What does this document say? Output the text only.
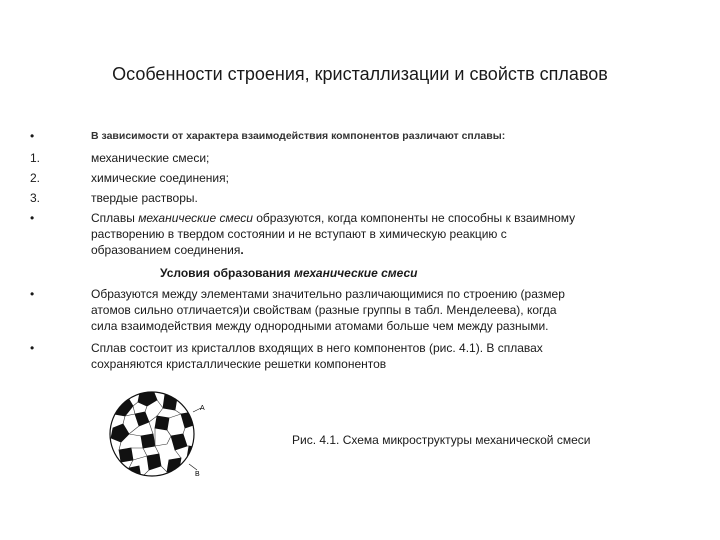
Особенности строения, кристаллизации и свойств сплавов
•	В зависимости от характера взаимодействия компонентов различают сплавы:
1.	механические смеси;
2.	химические соединения;
3.	твердые растворы.
•	Сплавы механические смеси образуются, когда компоненты не способны к взаимному
растворению в твердом состоянии и не вступают в химическую реакцию с
образованием соединения.
Условия образования механические смеси
•	Образуются между элементами значительно различающимися по строению (размер
атомов сильно отличается)и свойствам (разные группы в табл. Менделеева), когда
сила взаимодействия между однородными атомами больше чем между разными.
•	Сплав состоит из кристаллов входящих в него компонентов (рис. 4.1). В сплавах
сохраняются кристаллические решетки компонентов
A
B
Рис. 4.1. Схема микроструктуры механической смеси
